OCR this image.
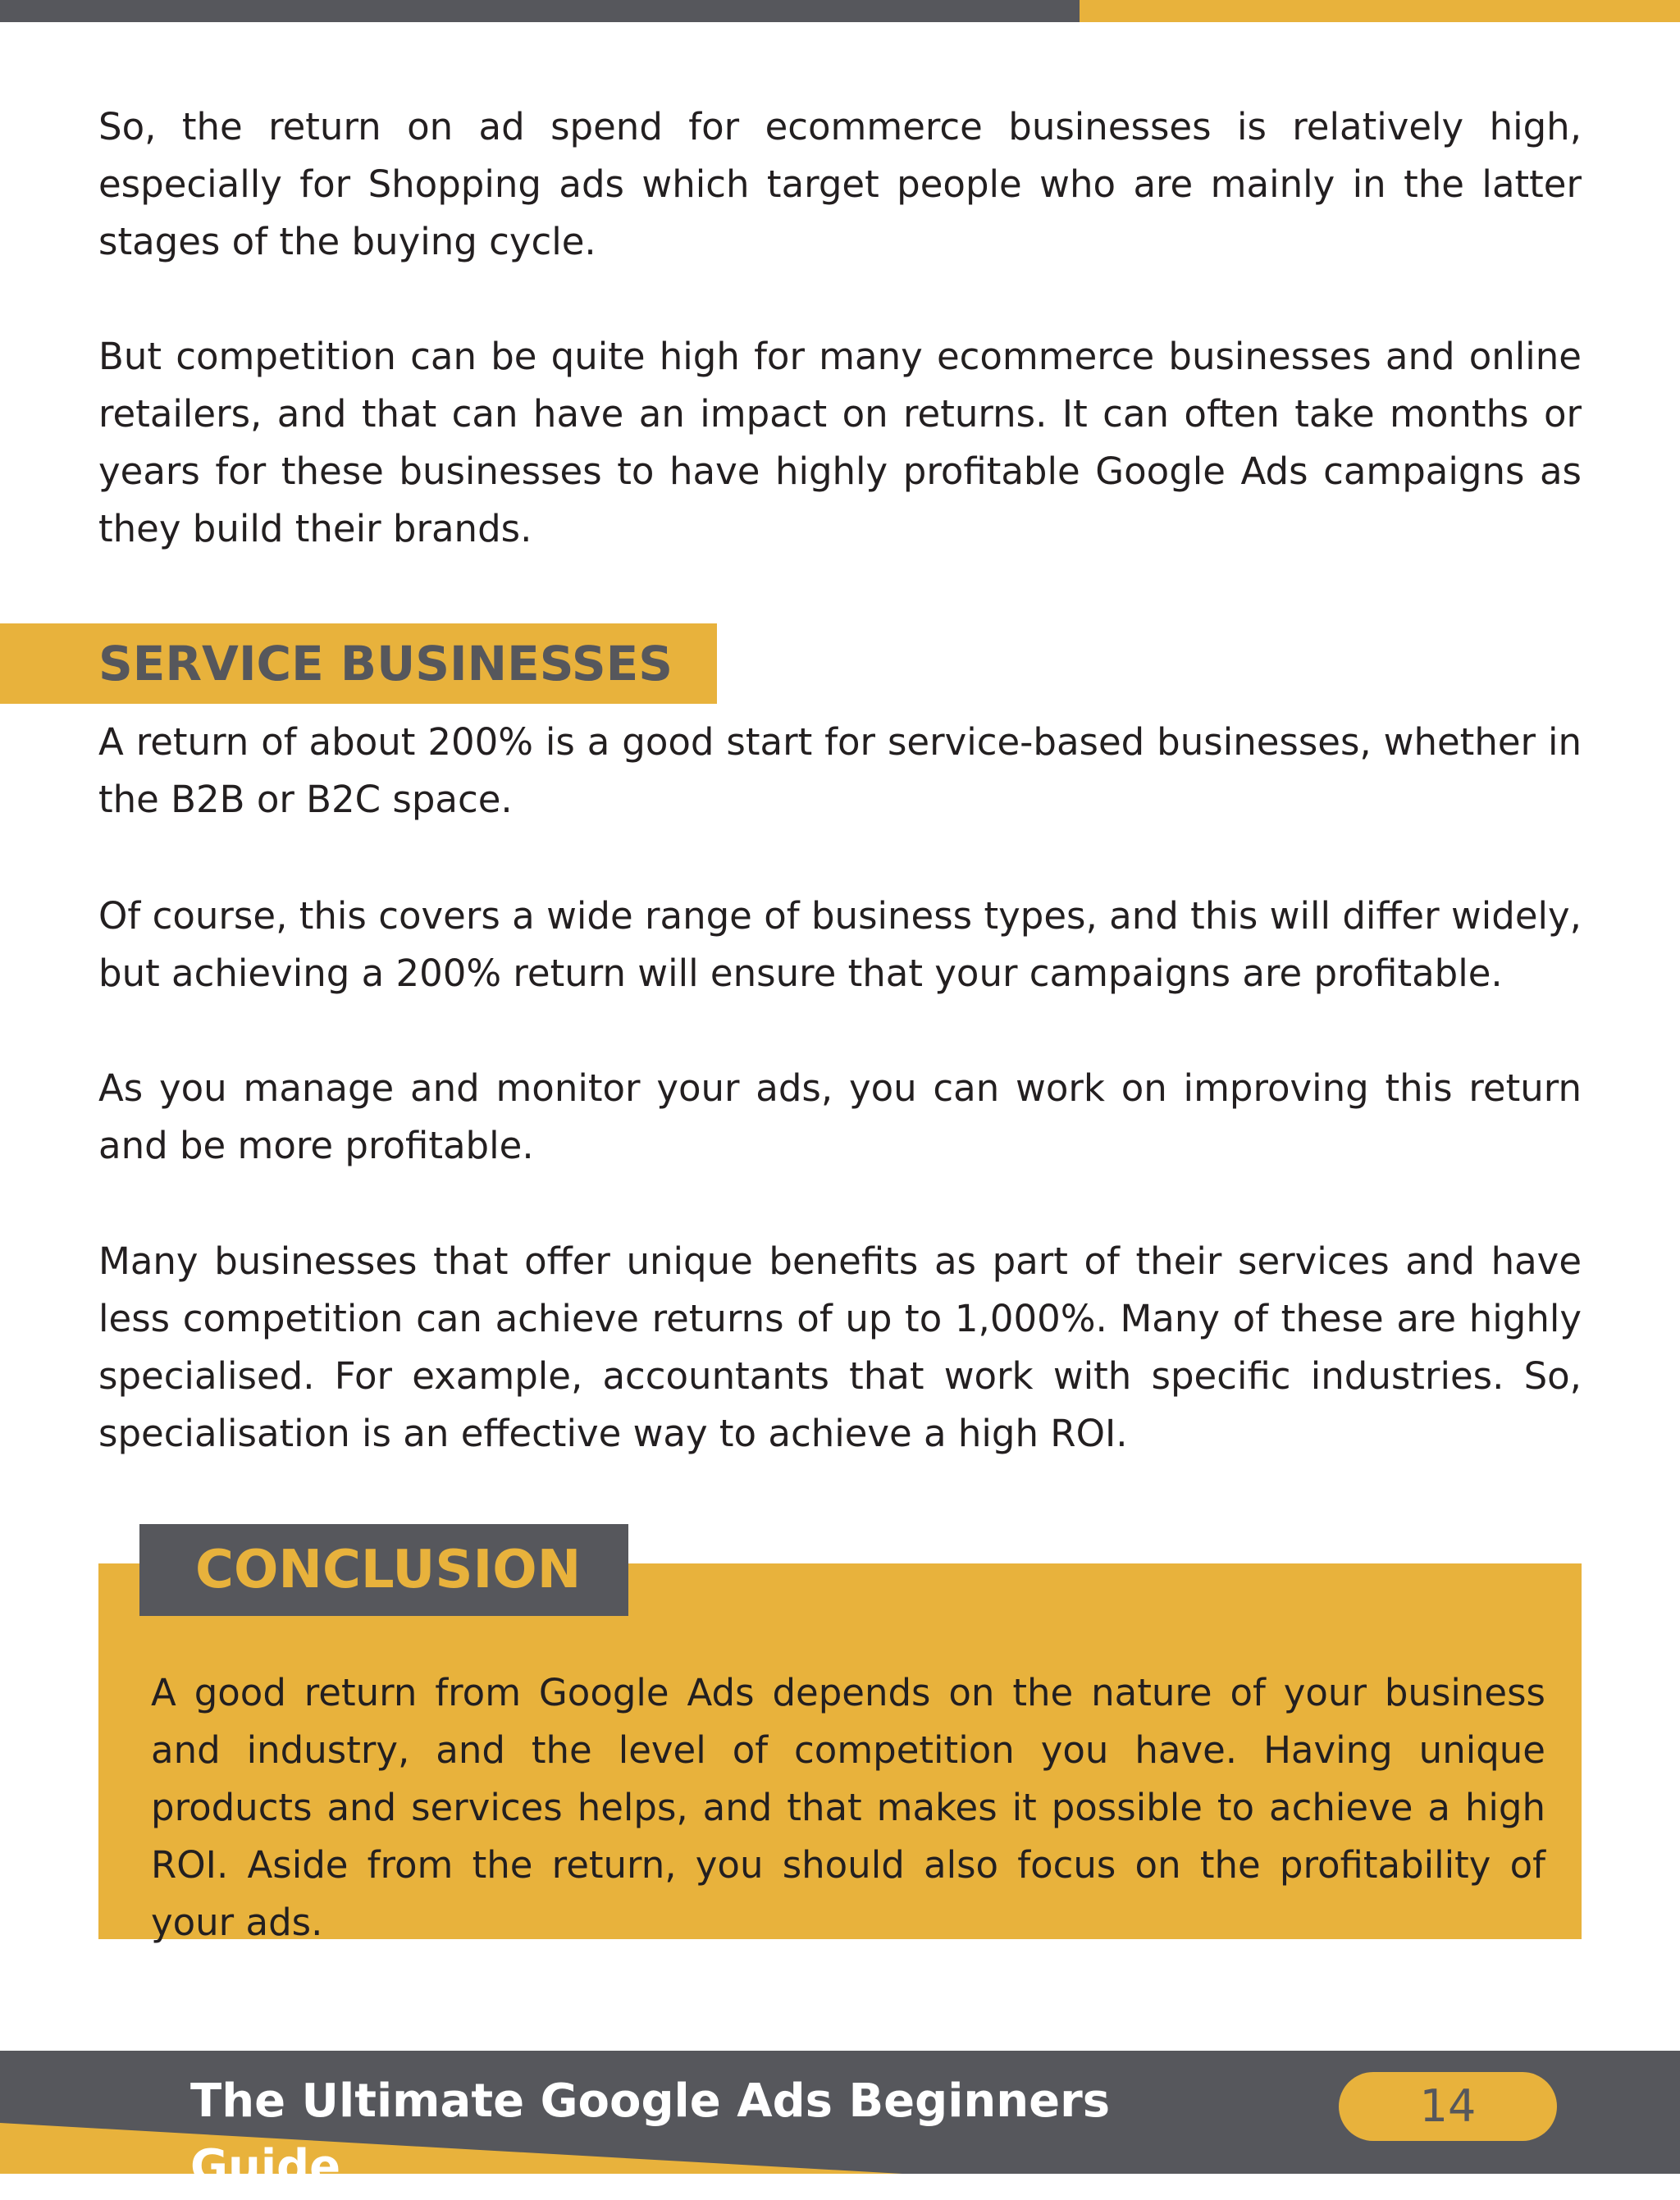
So, the return on ad spend for ecommerce businesses is relatively high, especially for Shopping ads which target people who are mainly in the latter stages of the buying cycle.

But competition can be quite high for many ecommerce businesses and online retailers, and that can have an impact on returns. It can often take months or years for these businesses to have highly profitable Google Ads campaigns as they build their brands.

SERVICE BUSINESSES

A return of about 200% is a good start for service-based businesses, whether in the B2B or B2C space.

Of course, this covers a wide range of business types, and this will differ widely, but achieving a 200% return will ensure that your campaigns are profitable.

As you manage and monitor your ads, you can work on improving this return and be more profitable.

Many businesses that offer unique benefits as part of their services and have less competition can achieve returns of up to 1,000%. Many of these are highly specialised. For example, accountants that work with specific industries. So, specialisation is an effective way to achieve a high ROI.

CONCLUSION

A good return from Google Ads depends on the nature of your business and industry, and the level of competition you have. Having unique products and services helps, and that makes it possible to achieve a high ROI. Aside from the return, you should also focus on the profitability of your ads.

The Ultimate Google Ads Beginners Guide
14
